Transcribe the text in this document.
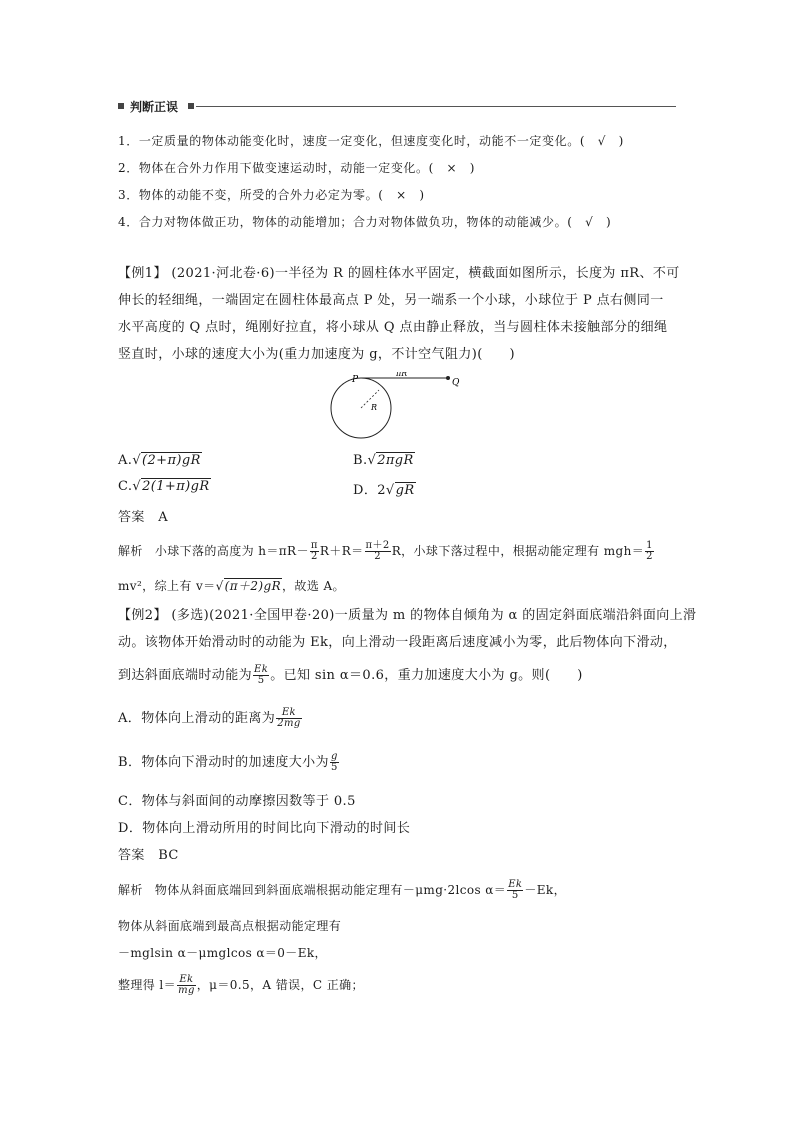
判断正误
1．一定质量的物体动能变化时，速度一定变化，但速度变化时，动能不一定变化。(　√　)
2．物体在合外力作用下做变速运动时，动能一定变化。(　×　)
3．物体的动能不变，所受的合外力必定为零。(　×　)
4．合力对物体做正功，物体的动能增加；合力对物体做负功，物体的动能减少。(　√　)
【例1】 (2021·河北卷·6)一半径为 R 的圆柱体水平固定，横截面如图所示，长度为 πR、不可
伸长的轻细绳，一端固定在圆柱体最高点 P 处，另一端系一个小球，小球位于 P 点右侧同一
水平高度的 Q 点时，绳刚好拉直，将小球从 Q 点由静止释放，当与圆柱体未接触部分的细绳
竖直时，小球的速度大小为(重力加速度为 g，不计空气阻力)(　　)
P	Q
πR
R
A.√(2+π)gR	B.√2πgR
C.√2(1+π)gR	D．2√gR
答案　A
解析 小球下落的高度为 $h=\pi R- \frac{\pi}{2} R+R= \frac{\pi+2}{2}$ R，小球下落过程中，根据动能定理有 $mgh= \frac{1}{2}$
mv²，综上有 v＝√(π＋2)gR，故选 A。
【例2】 (多选)(2021·全国甲卷·20)一质量为 m 的物体自倾角为 α 的固定斜面底端沿斜面向上滑
动。该物体开始滑动时的动能为 Ek，向上滑动一段距离后速度减小为零，此后物体向下滑动，
到达斜面底端时动能为 $\frac{Ek}{5}$ 。已知 sin α＝0.6，重力加速度大小为 g。则(　　)
A．物体向上滑动的距离为 $\frac{Ek}{2mg}$
B．物体向下滑动时的加速度大小为 $\frac{g}{5}$
C．物体与斜面间的动摩擦因数等于 0.5
D．物体向上滑动所用的时间比向下滑动的时间长
答案　BC
解析 物体从斜面底端回到斜面底端根据动能定理有－μmg·2lcos $\alpha= \frac{Ek}{5} -Ek$，
物体从斜面底端到最高点根据动能定理有
－mglsin α－μmglcos α＝0－Ek，
整理得 $l= \frac{Ek}{mg}$ ，μ＝0.5，A 错误，C 正确；
